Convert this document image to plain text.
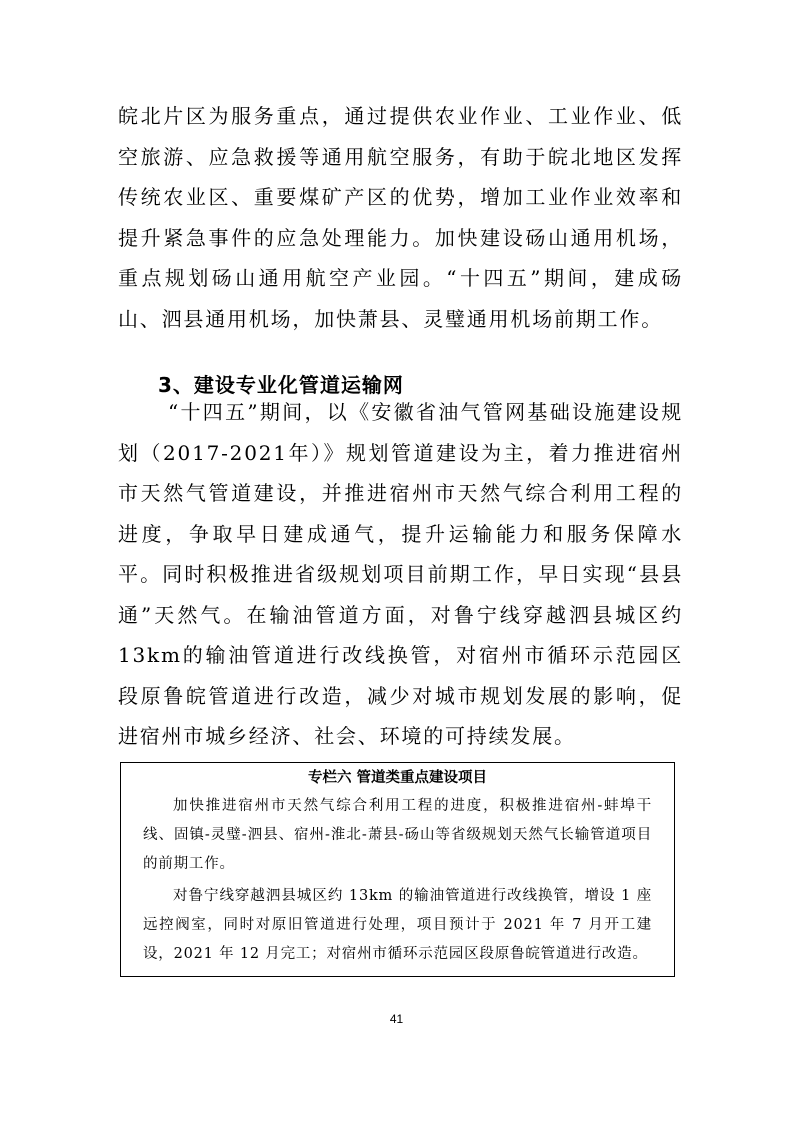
皖北片区为服务重点，通过提供农业作业、工业作业、低空旅游、应急救援等通用航空服务，有助于皖北地区发挥传统农业区、重要煤矿产区的优势，增加工业作业效率和提升紧急事件的应急处理能力。加快建设砀山通用机场，重点规划砀山通用航空产业园。“十四五”期间，建成砀山、泗县通用机场，加快萧县、灵璧通用机场前期工作。

3、建设专业化管道运输网

“十四五”期间，以《安徽省油气管网基础设施建设规划（2017-2021年）》规划管道建设为主，着力推进宿州市天然气管道建设，并推进宿州市天然气综合利用工程的进度，争取早日建成通气，提升运输能力和服务保障水平。同时积极推进省级规划项目前期工作，早日实现“县县通”天然气。在输油管道方面，对鲁宁线穿越泗县城区约13km的输油管道进行改线换管，对宿州市循环示范园区段原鲁皖管道进行改造，减少对城市规划发展的影响，促进宿州市城乡经济、社会、环境的可持续发展。

专栏六 管道类重点建设项目

加快推进宿州市天然气综合利用工程的进度，积极推进宿州-蚌埠干线、固镇-灵璧-泗县、宿州-淮北-萧县-砀山等省级规划天然气长输管道项目的前期工作。

对鲁宁线穿越泗县城区约 13km 的输油管道进行改线换管，增设 1 座远控阀室，同时对原旧管道进行处理，项目预计于 2021 年 7 月开工建设，2021 年 12 月完工；对宿州市循环示范园区段原鲁皖管道进行改造。

41
